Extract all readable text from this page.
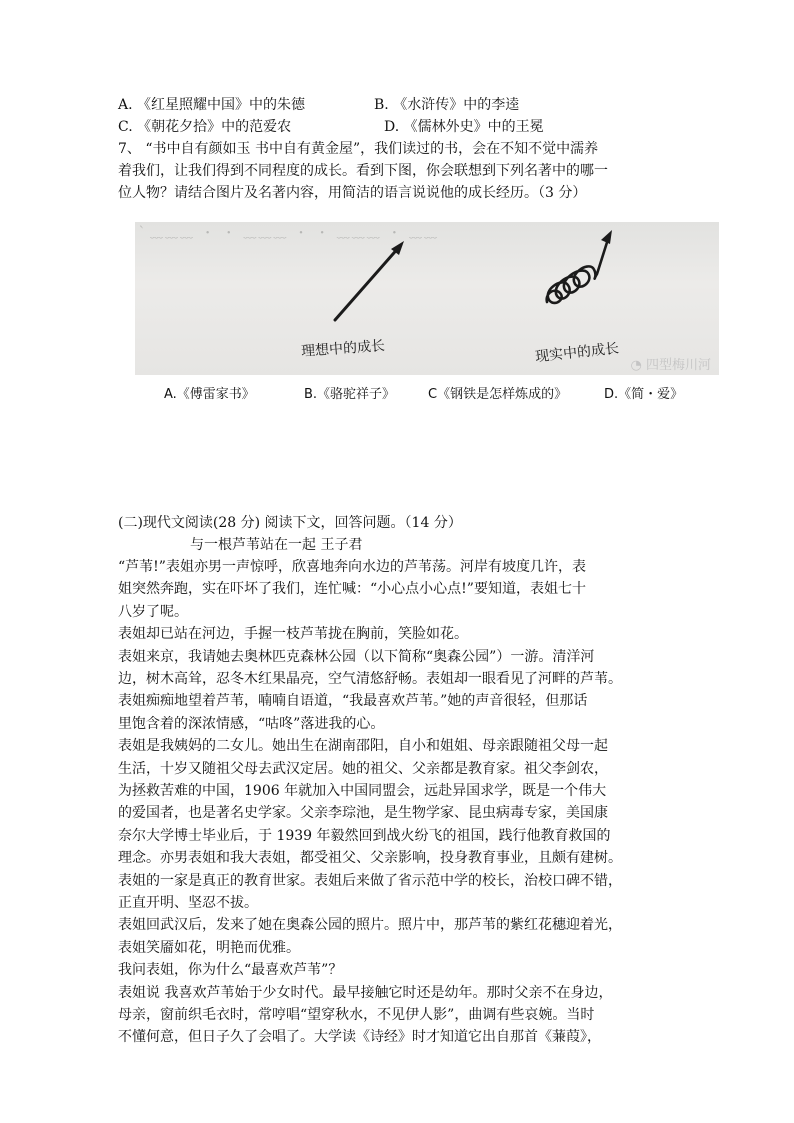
A. 《红星照耀中国》中的朱德	B. 《水浒传》中的李逵
C. 《朝花夕拾》中的范爱农	D. 《儒林外史》中的王冕

7、 “书中自有颜如玉 书中自有黄金屋”，我们读过的书，会在不知不觉中濡养

着我们，让我们得到不同程度的成长。看到下图，你会联想到下列名著中的哪一

位人物？请结合图片及名著内容，用简洁的语言说说他的成长经历。（3 分）

｀﹏﹏﹏ ・ ・ ﹏﹏﹏ ・ ・ ﹏﹏﹏ ・ ﹏﹏
理想中的成长	现实中的成长
◔ 四型梅川河
A.《傅雷家书》	B.《骆驼祥子》	C《钢铁是怎样炼成的》	D.《简・爱》

(二)现代文阅读(28 分) 阅读下文，回答问题。（14 分）

与一根芦苇站在一起 王子君

“芦苇!”表姐亦男一声惊呼，欣喜地奔向水边的芦苇荡。河岸有坡度几许，表

姐突然奔跑，实在吓坏了我们，连忙喊：“小心点小心点!”要知道，表姐七十

八岁了呢。

表姐却已站在河边，手握一枝芦苇拢在胸前，笑脸如花。

表姐来京，我请她去奥林匹克森林公园（以下简称“奥森公园”）一游。清洋河

边，树木高耸，忍冬木红果晶亮，空气清悠舒畅。表姐却一眼看见了河畔的芦苇。

表姐痴痴地望着芦苇，喃喃自语道，“我最喜欢芦苇。”她的声音很轻，但那话

里饱含着的深浓情感，“咕咚”落进我的心。

表姐是我姨妈的二女儿。她出生在湖南邵阳，自小和姐姐、母亲跟随祖父母一起

生活，十岁又随祖父母去武汉定居。她的祖父、父亲都是教育家。祖父李剑农，

为拯救苦难的中国，1906 年就加入中国同盟会，远赴异国求学，既是一个伟大

的爱国者，也是著名史学家。父亲李琮池，是生物学家、昆虫病毒专家，美国康

奈尔大学博士毕业后，于 1939 年毅然回到战火纷飞的祖国，践行他教育救国的

理念。亦男表姐和我大表姐，都受祖父、父亲影响，投身教育事业，且颇有建树。

表姐的一家是真正的教育世家。表姐后来做了省示范中学的校长，治校口碑不错，

正直开明、坚忍不拔。

表姐回武汉后，发来了她在奥森公园的照片。照片中，那芦苇的紫红花穗迎着光，

表姐笑靥如花，明艳而优雅。

我问表姐，你为什么“最喜欢芦苇”？

表姐说 我喜欢芦苇始于少女时代。最早接触它时还是幼年。那时父亲不在身边，

母亲，窗前织毛衣时，常哼唱“望穿秋水，不见伊人影”，曲调有些哀婉。当时

不懂何意，但日子久了会唱了。大学读《诗经》时才知道它出自那首《蒹葭》，
